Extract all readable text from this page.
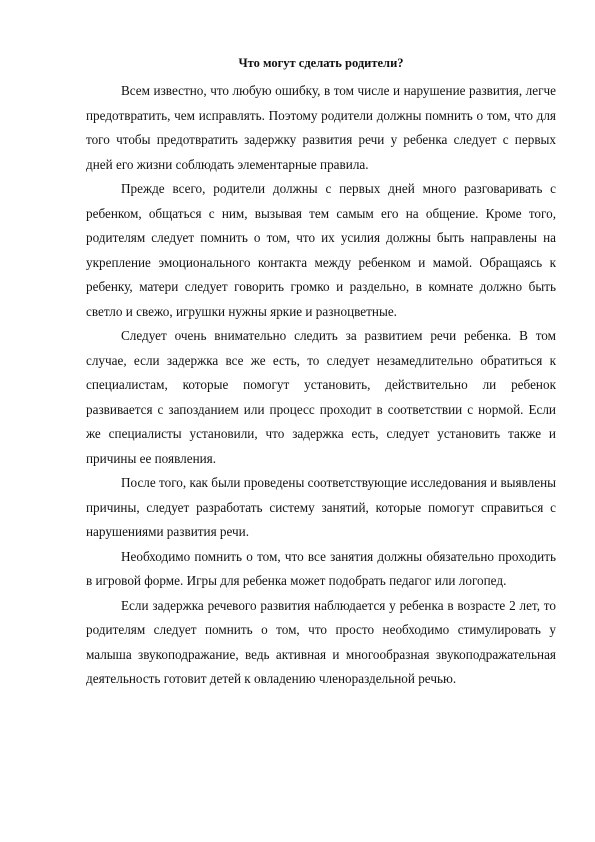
Что могут сделать родители?

Всем известно, что любую ошибку, в том числе и нарушение развития, легче предотвратить, чем исправлять. Поэтому родители должны помнить о том, что для того чтобы предотвратить задержку развития речи у ребенка следует с первых дней его жизни соблюдать элементарные правила.

Прежде всего, родители должны с первых дней много разговаривать с ребенком, общаться с ним, вызывая тем самым его на общение. Кроме того, родителям следует помнить о том, что их усилия должны быть направлены на укрепление эмоционального контакта между ребенком и мамой. Обращаясь к ребенку, матери следует говорить громко и раздельно, в комнате должно быть светло и свежо, игрушки нужны яркие и разноцветные.

Следует очень внимательно следить за развитием речи ребенка. В том случае, если задержка все же есть, то следует незамедлительно обратиться к специалистам, которые помогут установить, действительно ли ребенок развивается с запозданием или процесс проходит в соответствии с нормой. Если же специалисты установили, что задержка есть, следует установить также и причины ее появления.

После того, как были проведены соответствующие исследования и выявлены причины, следует разработать систему занятий, которые помогут справиться с нарушениями развития речи.

Необходимо помнить о том, что все занятия должны обязательно проходить в игровой форме. Игры для ребенка может подобрать педагог или логопед.

Если задержка речевого развития наблюдается у ребенка в возрасте 2 лет, то родителям следует помнить о том, что просто необходимо стимулировать у малыша звукоподражание, ведь активная и многообразная звукоподражательная деятельность готовит детей к овладению членораздельной речью.
